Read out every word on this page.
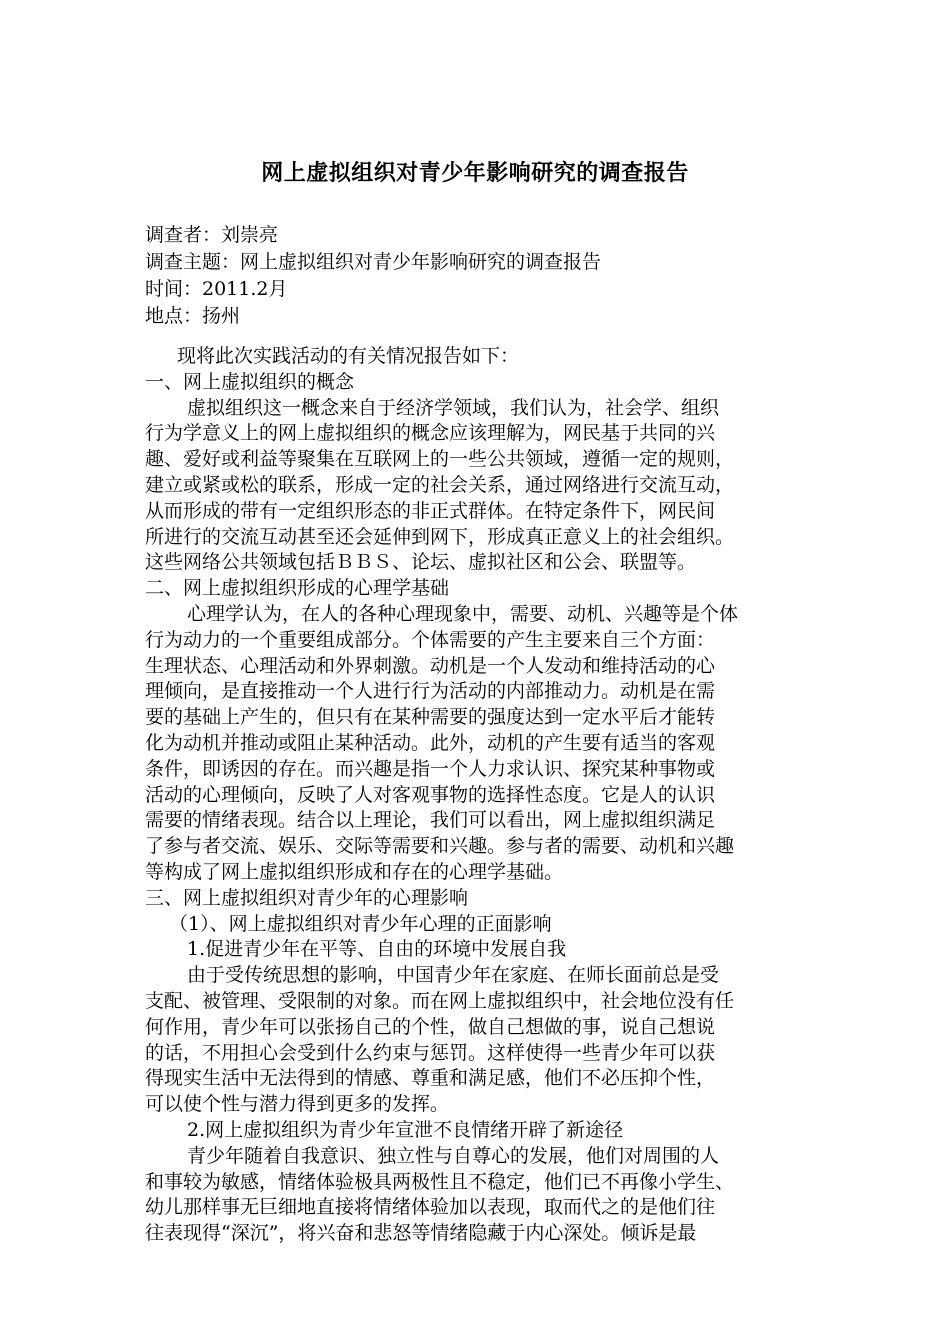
网上虚拟组织对青少年影响研究的调查报告
调查者：刘崇亮
调查主题：网上虚拟组织对青少年影响研究的调查报告
时间：2011.2月
地点：扬州
现将此次实践活动的有关情况报告如下：
一、网上虚拟组织的概念
虚拟组织这一概念来自于经济学领域，我们认为，社会学、组织
行为学意义上的网上虚拟组织的概念应该理解为，网民基于共同的兴
趣、爱好或利益等聚集在互联网上的一些公共领域，遵循一定的规则，
建立或紧或松的联系，形成一定的社会关系，通过网络进行交流互动，
从而形成的带有一定组织形态的非正式群体。在特定条件下，网民间
所进行的交流互动甚至还会延伸到网下，形成真正意义上的社会组织。
这些网络公共领域包括ＢＢＳ、论坛、虚拟社区和公会、联盟等。
二、网上虚拟组织形成的心理学基础
心理学认为，在人的各种心理现象中，需要、动机、兴趣等是个体
行为动力的一个重要组成部分。个体需要的产生主要来自三个方面：
生理状态、心理活动和外界刺激。动机是一个人发动和维持活动的心
理倾向，是直接推动一个人进行行为活动的内部推动力。动机是在需
要的基础上产生的，但只有在某种需要的强度达到一定水平后才能转
化为动机并推动或阻止某种活动。此外，动机的产生要有适当的客观
条件，即诱因的存在。而兴趣是指一个人力求认识、探究某种事物或
活动的心理倾向，反映了人对客观事物的选择性态度。它是人的认识
需要的情绪表现。结合以上理论，我们可以看出，网上虚拟组织满足
了参与者交流、娱乐、交际等需要和兴趣。参与者的需要、动机和兴趣
等构成了网上虚拟组织形成和存在的心理学基础。
三、网上虚拟组织对青少年的心理影响
（1）、网上虚拟组织对青少年心理的正面影响
1.促进青少年在平等、自由的环境中发展自我
由于受传统思想的影响，中国青少年在家庭、在师长面前总是受
支配、被管理、受限制的对象。而在网上虚拟组织中，社会地位没有任
何作用，青少年可以张扬自己的个性，做自己想做的事，说自己想说
的话，不用担心会受到什么约束与惩罚。这样使得一些青少年可以获
得现实生活中无法得到的情感、尊重和满足感，他们不必压抑个性，
可以使个性与潜力得到更多的发挥。
2.网上虚拟组织为青少年宣泄不良情绪开辟了新途径
青少年随着自我意识、独立性与自尊心的发展，他们对周围的人
和事较为敏感，情绪体验极具两极性且不稳定，他们已不再像小学生、
幼儿那样事无巨细地直接将情绪体验加以表现，取而代之的是他们往
往表现得“深沉”，将兴奋和悲怒等情绪隐藏于内心深处。倾诉是最
